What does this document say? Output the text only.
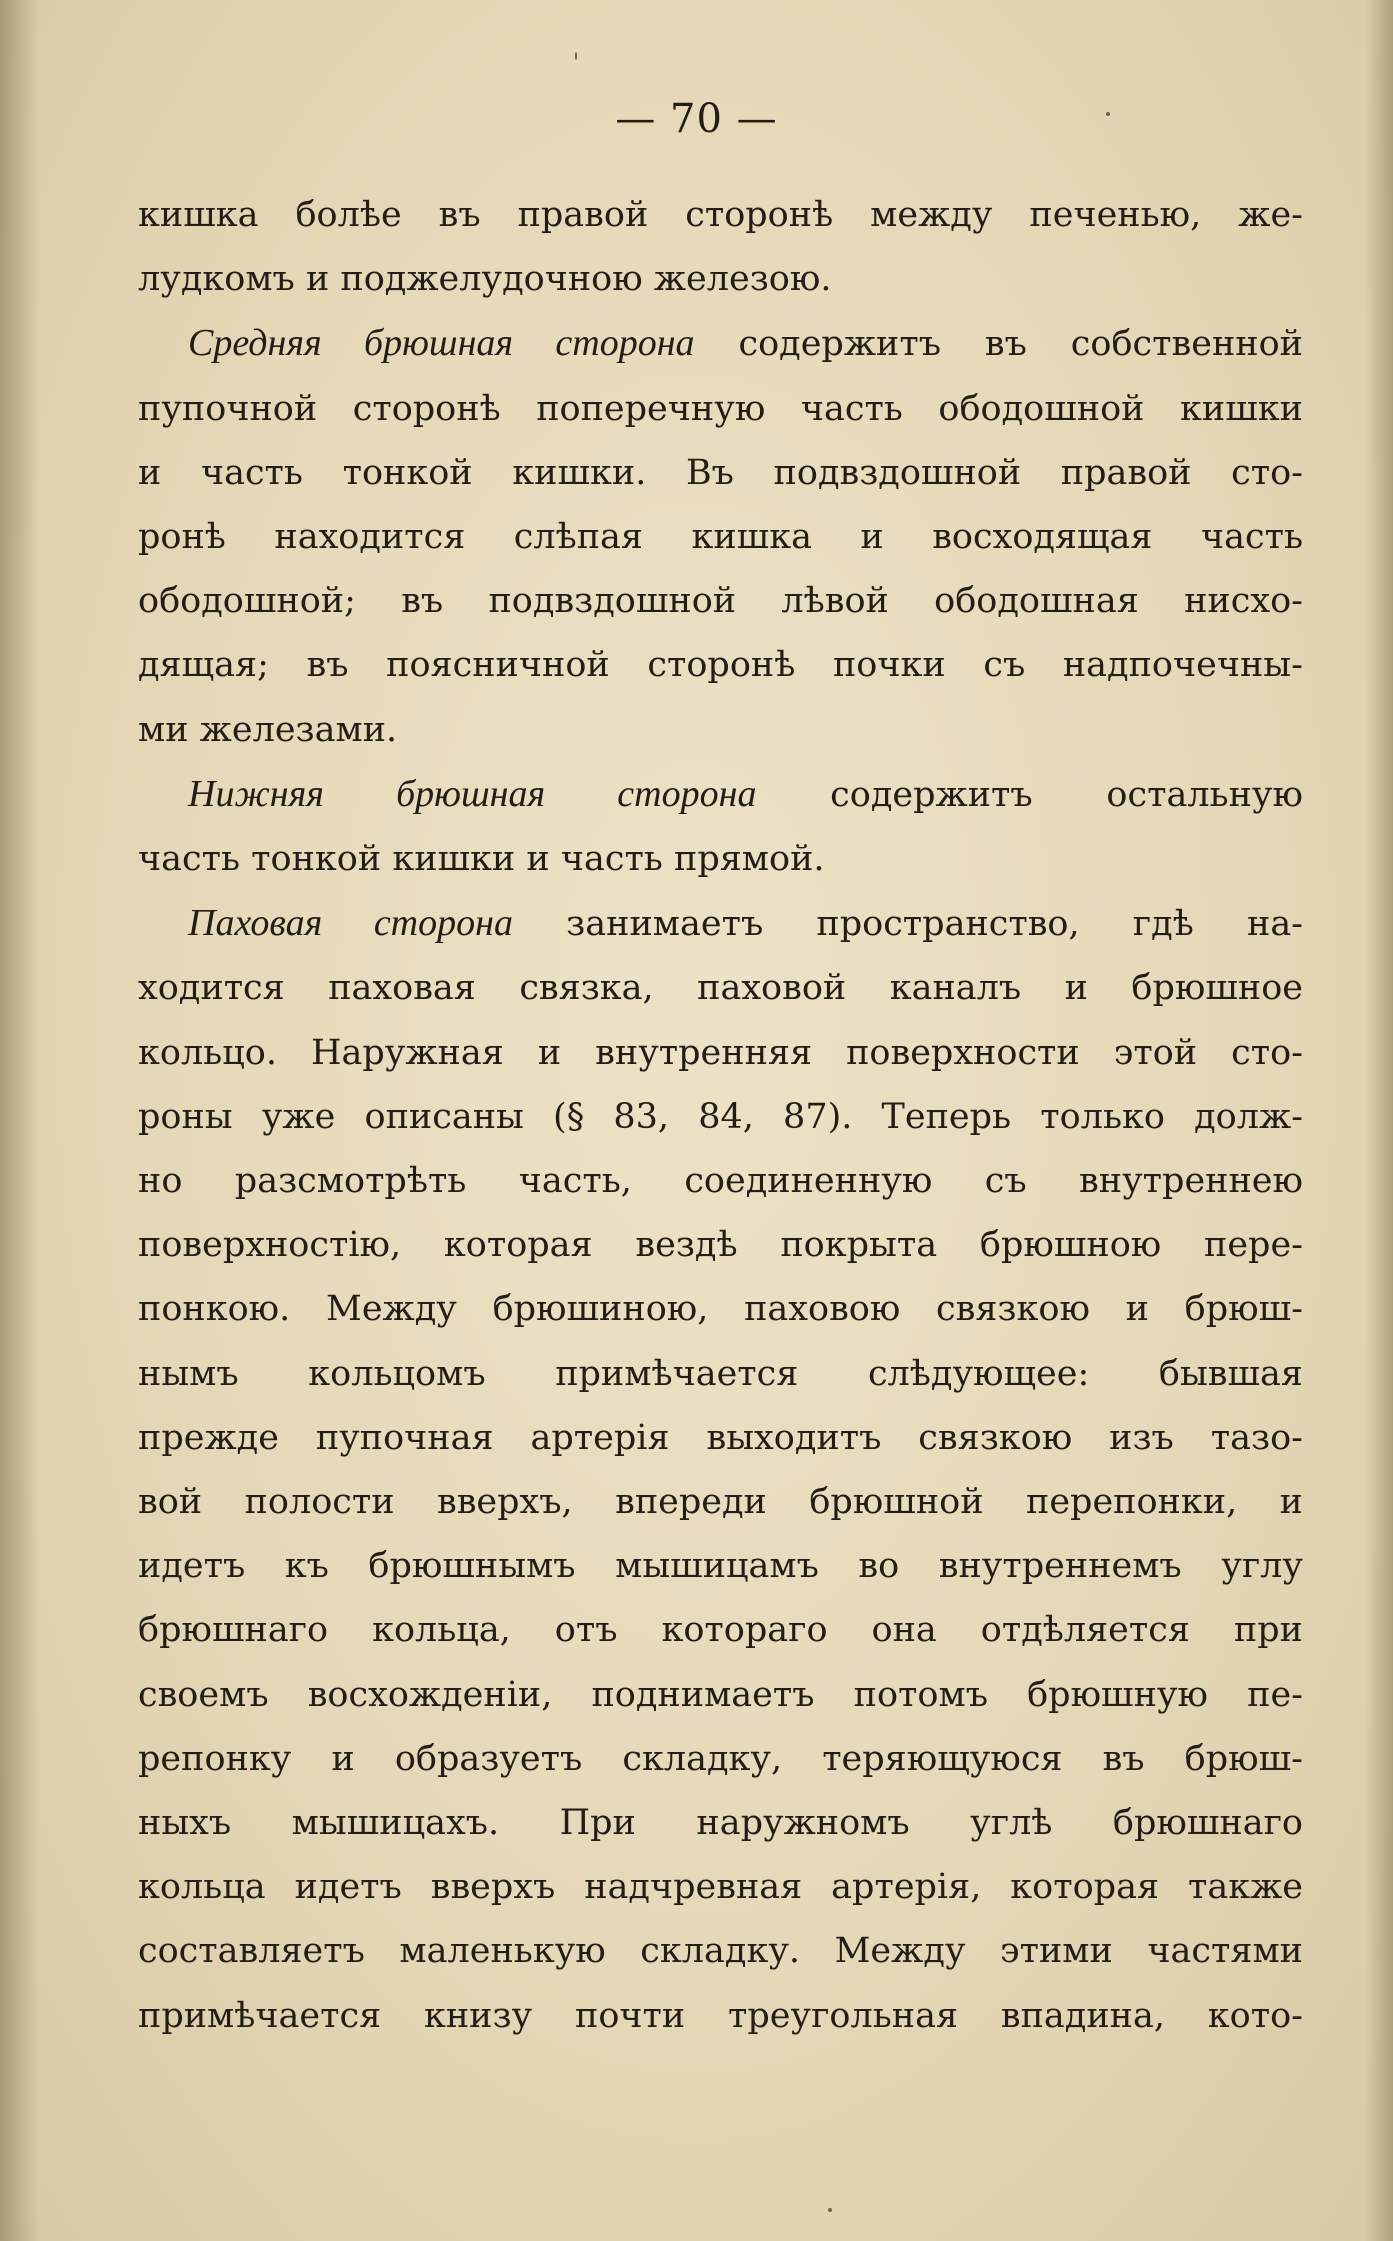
— 70 —
кишка болѣе въ правой сторонѣ между печенью, же-
лудкомъ и поджелудочною железою.
Средняя брюшная сторона содержитъ въ собственной
пупочной сторонѣ поперечную часть ободошной кишки
и часть тонкой кишки. Въ подвздошной правой сто-
ронѣ находится слѣпая кишка и восходящая часть
ободошной; въ подвздошной лѣвой ободошная нисхо-
дящая; въ поясничной сторонѣ почки съ надпочечны-
ми железами.
Нижняя брюшная сторона содержитъ остальную
часть тонкой кишки и часть прямой.
Паховая сторона занимаетъ пространство, гдѣ на-
ходится паховая связка, паховой каналъ и брюшное
кольцо. Наружная и внутренняя поверхности этой сто-
роны уже описаны (§ 83, 84, 87). Теперь только долж-
но разсмотрѣть часть, соединенную съ внутреннею
поверхностію, которая вездѣ покрыта брюшною пере-
понкою. Между брюшиною, паховою связкою и брюш-
нымъ кольцомъ примѣчается слѣдующее: бывшая
прежде пупочная артерія выходитъ связкою изъ тазо-
вой полости вверхъ, впереди брюшной перепонки, и
идетъ къ брюшнымъ мышицамъ во внутреннемъ углу
брюшнаго кольца, отъ котораго она отдѣляется при
своемъ восхожденіи, поднимаетъ потомъ брюшную пе-
репонку и образуетъ складку, теряющуюся въ брюш-
ныхъ мышицахъ. При наружномъ углѣ брюшнаго
кольца идетъ вверхъ надчревная артерія, которая также
составляетъ маленькую складку. Между этими частями
примѣчается книзу почти треугольная впадина, кото-
